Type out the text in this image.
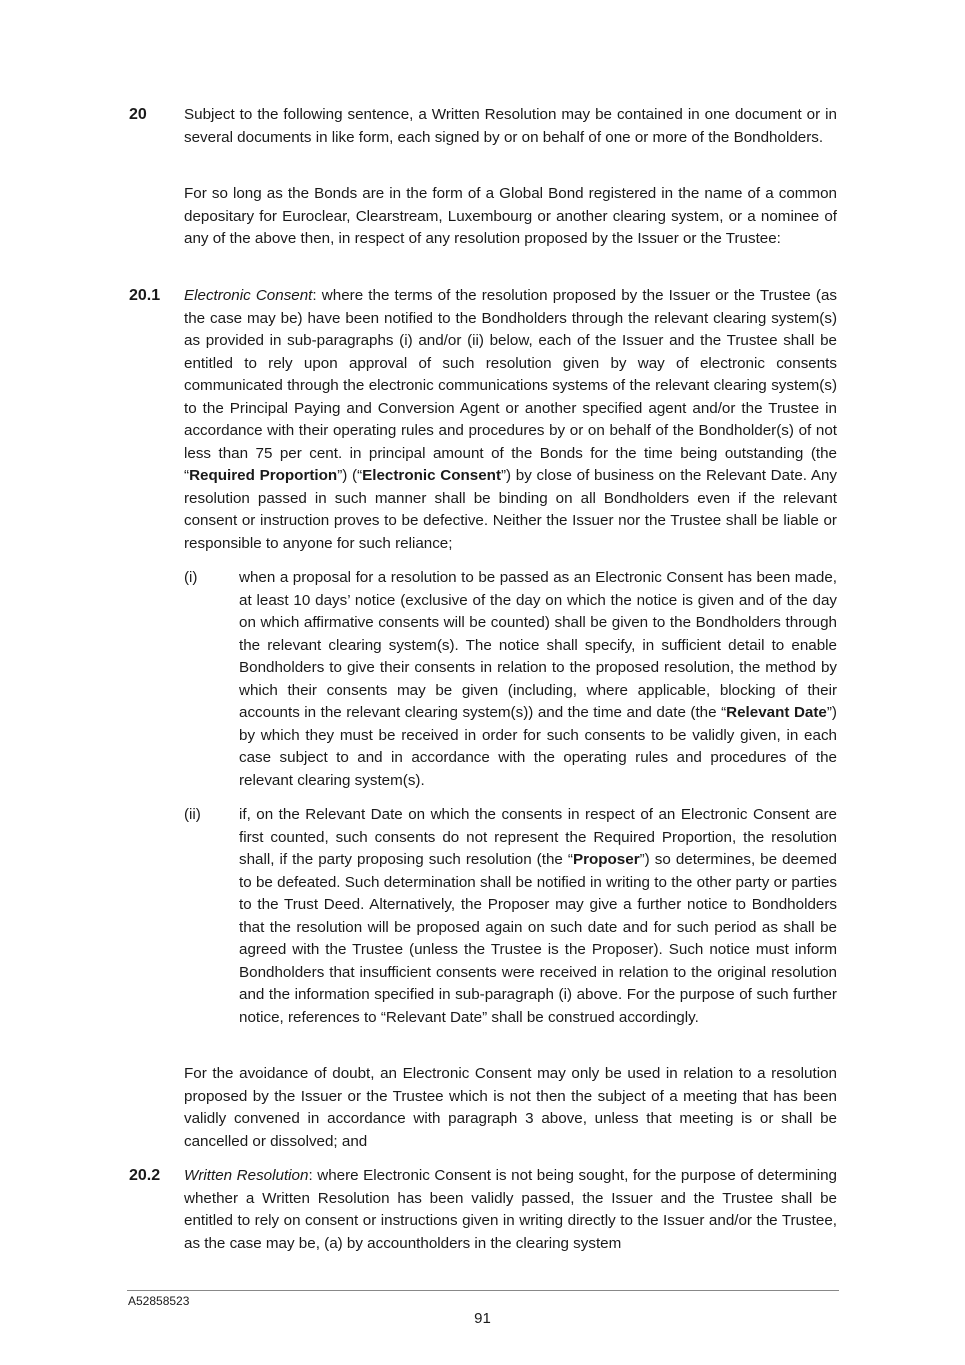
20 Subject to the following sentence, a Written Resolution may be contained in one document or in several documents in like form, each signed by or on behalf of one or more of the Bondholders.

For so long as the Bonds are in the form of a Global Bond registered in the name of a common depositary for Euroclear, Clearstream, Luxembourg or another clearing system, or a nominee of any of the above then, in respect of any resolution proposed by the Issuer or the Trustee:

20.1 Electronic Consent: where the terms of the resolution proposed by the Issuer or the Trustee (as the case may be) have been notified to the Bondholders through the relevant clearing system(s) as provided in sub-paragraphs (i) and/or (ii) below, each of the Issuer and the Trustee shall be entitled to rely upon approval of such resolution given by way of electronic consents communicated through the electronic communications systems of the relevant clearing system(s) to the Principal Paying and Conversion Agent or another specified agent and/or the Trustee in accordance with their operating rules and procedures by or on behalf of the Bondholder(s) of not less than 75 per cent. in principal amount of the Bonds for the time being outstanding (the “Required Proportion”) (“Electronic Consent”) by close of business on the Relevant Date. Any resolution passed in such manner shall be binding on all Bondholders even if the relevant consent or instruction proves to be defective. Neither the Issuer nor the Trustee shall be liable or responsible to anyone for such reliance;

(i)	when a proposal for a resolution to be passed as an Electronic Consent has been made, at least 10 days’ notice (exclusive of the day on which the notice is given and of the day on which affirmative consents will be counted) shall be given to the Bondholders through the relevant clearing system(s). The notice shall specify, in sufficient detail to enable Bondholders to give their consents in relation to the proposed resolution, the method by which their consents may be given (including, where applicable, blocking of their accounts in the relevant clearing system(s)) and the time and date (the “Relevant Date”) by which they must be received in order for such consents to be validly given, in each case subject to and in accordance with the operating rules and procedures of the relevant clearing system(s).

(ii)	if, on the Relevant Date on which the consents in respect of an Electronic Consent are first counted, such consents do not represent the Required Proportion, the resolution shall, if the party proposing such resolution (the “Proposer”) so determines, be deemed to be defeated. Such determination shall be notified in writing to the other party or parties to the Trust Deed. Alternatively, the Proposer may give a further notice to Bondholders that the resolution will be proposed again on such date and for such period as shall be agreed with the Trustee (unless the Trustee is the Proposer). Such notice must inform Bondholders that insufficient consents were received in relation to the original resolution and the information specified in sub-paragraph (i) above. For the purpose of such further notice, references to “Relevant Date” shall be construed accordingly.

For the avoidance of doubt, an Electronic Consent may only be used in relation to a resolution proposed by the Issuer or the Trustee which is not then the subject of a meeting that has been validly convened in accordance with paragraph 3 above, unless that meeting is or shall be cancelled or dissolved; and

20.2 Written Resolution: where Electronic Consent is not being sought, for the purpose of determining whether a Written Resolution has been validly passed, the Issuer and the Trustee shall be entitled to rely on consent or instructions given in writing directly to the Issuer and/or the Trustee, as the case may be, (a) by accountholders in the clearing system

A52858523
91
